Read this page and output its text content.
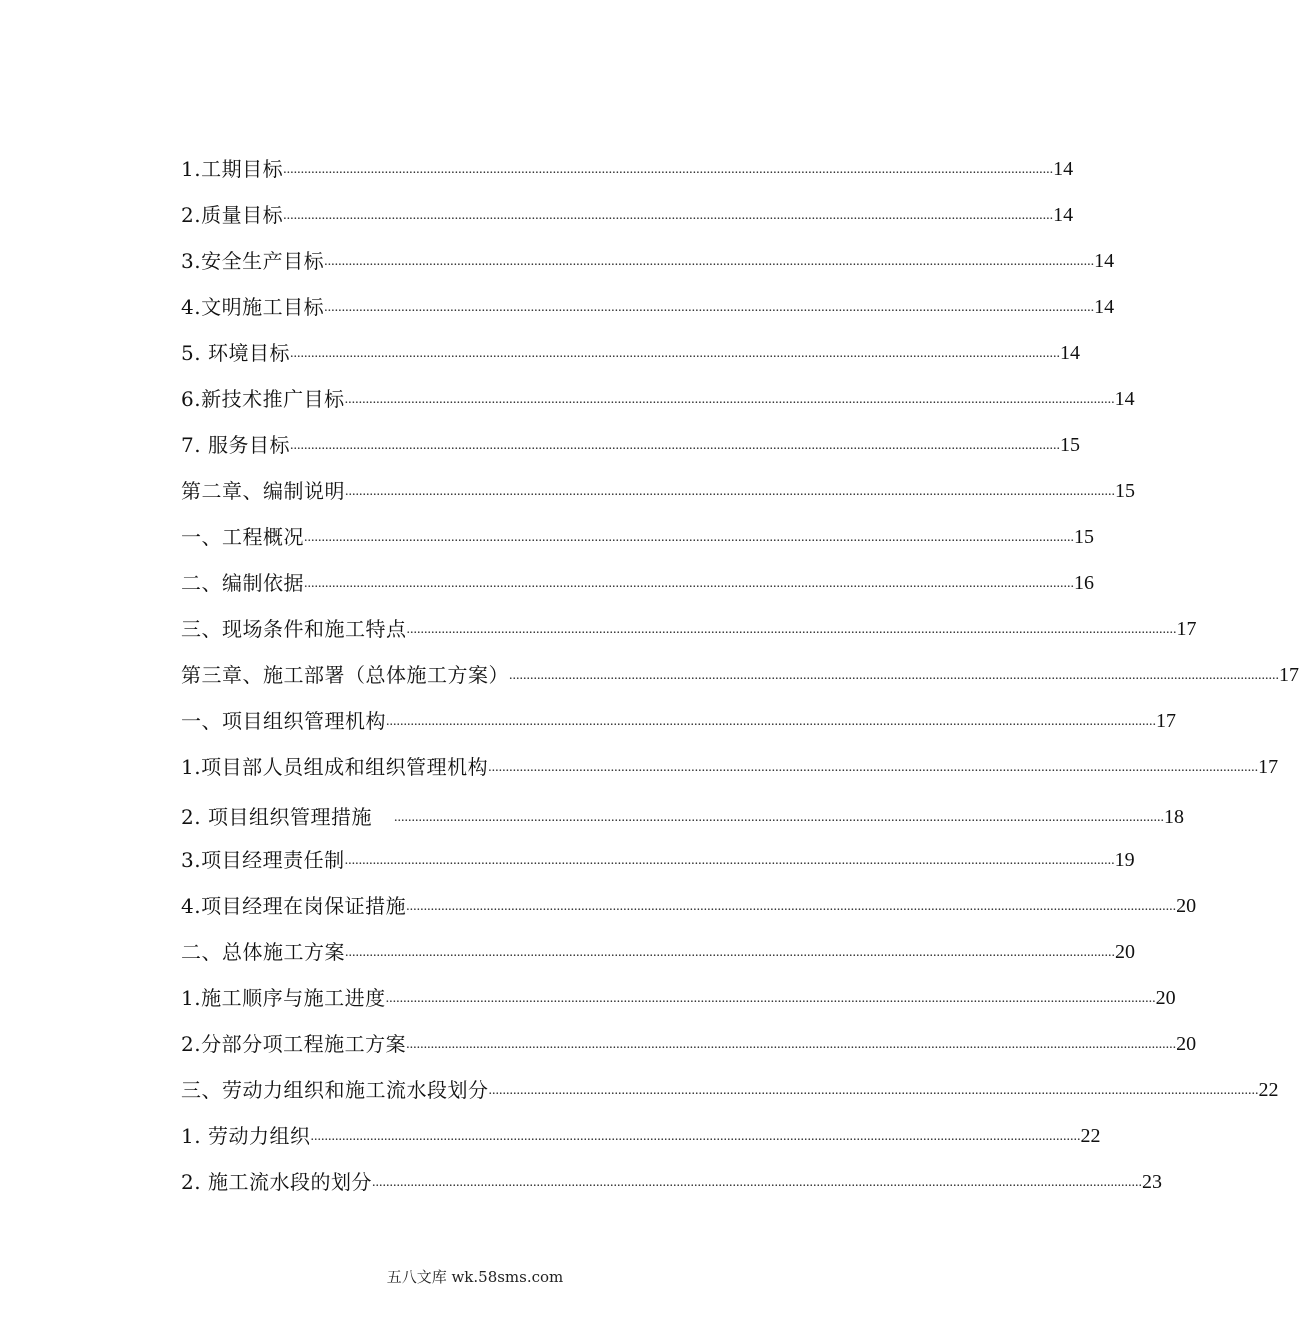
1.工期目标 ............................................................................................................................................................................................................................ 14
2.质量目标 ............................................................................................................................................................................................................................ 14
3.安全生产目标 ............................................................................................................................................................................................................................ 14
4.文明施工目标 ............................................................................................................................................................................................................................ 14
5. 环境目标 ............................................................................................................................................................................................................................ 14
6.新技术推广目标 ............................................................................................................................................................................................................................ 14
7. 服务目标 ............................................................................................................................................................................................................................ 15
第二章、编制说明 ............................................................................................................................................................................................................................ 15
一、工程概况 ............................................................................................................................................................................................................................ 15
二、编制依据 ............................................................................................................................................................................................................................ 16
三、现场条件和施工特点 ............................................................................................................................................................................................................................ 17
第三章、施工部署（总体施工方案） ............................................................................................................................................................................................................................ 17
一、项目组织管理机构 ............................................................................................................................................................................................................................ 17
1.项目部人员组成和组织管理机构 ............................................................................................................................................................................................................................ 17
2. 项目组织管理措施 ............................................................................................................................................................................................................................ 18
3.项目经理责任制 ............................................................................................................................................................................................................................ 19
4.项目经理在岗保证措施 ............................................................................................................................................................................................................................ 20
二、总体施工方案 ............................................................................................................................................................................................................................ 20
1.施工顺序与施工进度 ............................................................................................................................................................................................................................ 20
2.分部分项工程施工方案 ............................................................................................................................................................................................................................ 20
三、劳动力组织和施工流水段划分 ............................................................................................................................................................................................................................ 22
1. 劳动力组织 ............................................................................................................................................................................................................................ 22
2. 施工流水段的划分 ............................................................................................................................................................................................................................ 23
五八文库 wk.58sms.com
